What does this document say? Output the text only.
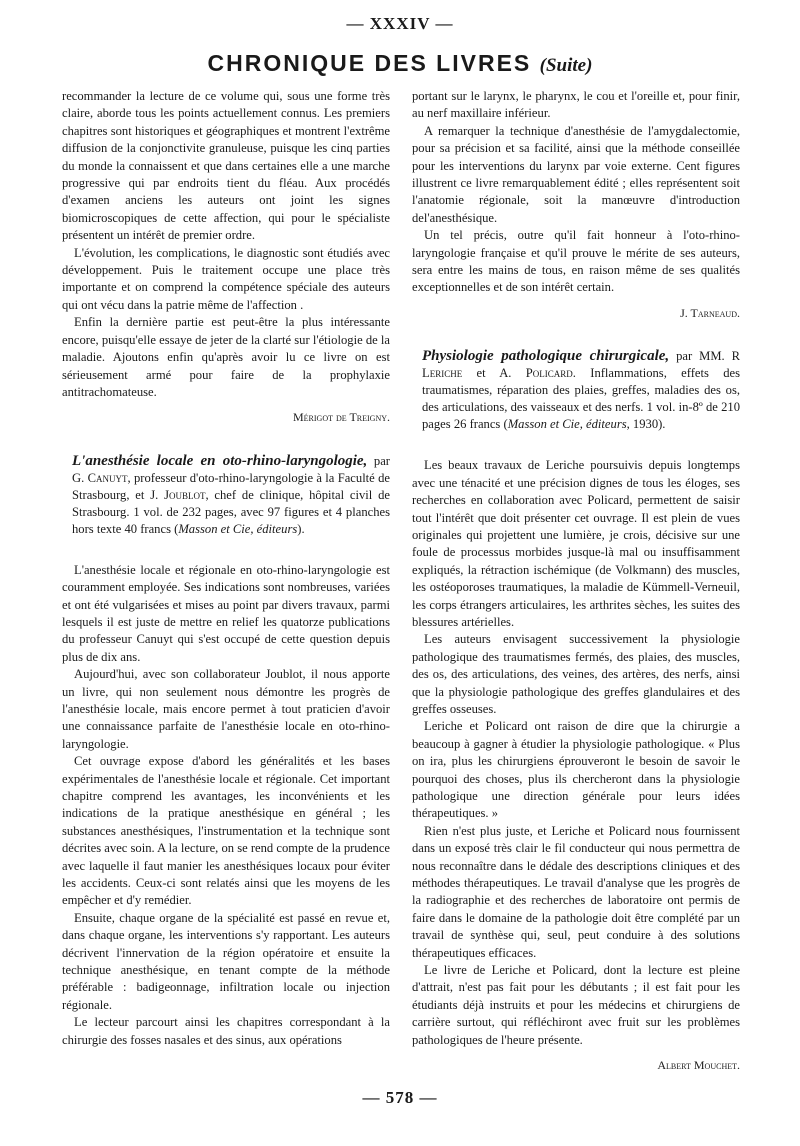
— XXXIV —
CHRONIQUE DES LIVRES (Suite)

recommander la lecture de ce volume qui, sous une forme très claire, aborde tous les points actuellement connus. Les premiers chapitres sont historiques et géographiques et montrent l'extrême diffusion de la conjonctivite granuleuse, puisque les cinq parties du monde la connaissent et que dans certaines elle a une marche progressive qui par endroits tient du fléau. Aux procédés d'examen anciens les auteurs ont joint les signes biomicroscopiques de cette affection, qui pour le spécialiste présentent un intérêt de premier ordre.

L'évolution, les complications, le diagnostic sont étudiés avec développement. Puis le traitement occupe une place très importante et on comprend la compétence spéciale des auteurs qui ont vécu dans la patrie même de l'affection .

Enfin la dernière partie est peut-être la plus intéressante encore, puisqu'elle essaye de jeter de la clarté sur l'étiologie de la maladie. Ajoutons enfin qu'après avoir lu ce livre on est sérieusement armé pour faire de la prophylaxie antitrachomateuse.

Mérigot de Treigny.

L'anesthésie locale en oto-rhino-laryngologie, par G. Canuyt, professeur d'oto-rhino-laryngologie à la Faculté de Strasbourg, et J. Joublot, chef de clinique, hôpital civil de Strasbourg. 1 vol. de 232 pages, avec 97 figures et 4 planches hors texte 40 francs (Masson et Cie, éditeurs).

L'anesthésie locale et régionale en oto-rhino-laryngologie est couramment employée. Ses indications sont nombreuses, variées et ont été vulgarisées et mises au point par divers travaux, parmi lesquels il est juste de mettre en relief les quatorze publications du professeur Canuyt qui s'est occupé de cette question depuis plus de dix ans.

Aujourd'hui, avec son collaborateur Joublot, il nous apporte un livre, qui non seulement nous démontre les progrès de l'anesthésie locale, mais encore permet à tout praticien d'avoir une connaissance parfaite de l'anesthésie locale en oto-rhino-laryngologie.

Cet ouvrage expose d'abord les généralités et les bases expérimentales de l'anesthésie locale et régionale. Cet important chapitre comprend les avantages, les inconvénients et les indications de la pratique anesthésique en général ; les substances anesthésiques, l'instrumentation et la technique sont décrites avec soin. A la lecture, on se rend compte de la prudence avec laquelle il faut manier les anesthésiques locaux pour éviter les accidents. Ceux-ci sont relatés ainsi que les moyens de les empêcher et d'y remédier.

Ensuite, chaque organe de la spécialité est passé en revue et, dans chaque organe, les interventions s'y rapportant. Les auteurs décrivent l'innervation de la région opératoire et ensuite la technique anesthésique, en tenant compte de la méthode préférable : badigeonnage, infiltration locale ou injection régionale.

Le lecteur parcourt ainsi les chapitres correspondant à la chirurgie des fosses nasales et des sinus, aux opérations

portant sur le larynx, le pharynx, le cou et l'oreille et, pour finir, au nerf maxillaire inférieur.

A remarquer la technique d'anesthésie de l'amygdalectomie, pour sa précision et sa facilité, ainsi que la méthode conseillée pour les interventions du larynx par voie externe. Cent figures illustrent ce livre remarquablement édité ; elles représentent soit l'anatomie régionale, soit la manœuvre d'introduction del'anesthésique.

Un tel précis, outre qu'il fait honneur à l'oto-rhino-laryngologie française et qu'il prouve le mérite de ses auteurs, sera entre les mains de tous, en raison même de ses qualités exceptionnelles et de son intérêt certain.

J. Tarneaud.

Physiologie pathologique chirurgicale, par MM. R Leriche et A. Policard. Inflammations, effets des traumatismes, réparation des plaies, greffes, maladies des os, des articulations, des vaisseaux et des nerfs. 1 vol. in-8º de 210 pages 26 francs (Masson et Cie, éditeurs, 1930).

Les beaux travaux de Leriche poursuivis depuis longtemps avec une ténacité et une précision dignes de tous les éloges, ses recherches en collaboration avec Policard, permettent de saisir tout l'intérêt que doit présenter cet ouvrage. Il est plein de vues originales qui projettent une lumière, je crois, décisive sur une foule de processus morbides jusque-là mal ou insuffisamment expliqués, la rétraction ischémique (de Volkmann) des muscles, les ostéoporoses traumatiques, la maladie de Kümmell-Verneuil, les corps étrangers articulaires, les arthrites sèches, les suites des blessures artérielles.

Les auteurs envisagent successivement la physiologie pathologique des traumatismes fermés, des plaies, des muscles, des os, des articulations, des veines, des artères, des nerfs, ainsi que la physiologie pathologique des greffes glandulaires et des greffes osseuses.

Leriche et Policard ont raison de dire que la chirurgie a beaucoup à gagner à étudier la physiologie pathologique. « Plus on ira, plus les chirurgiens éprouveront le besoin de savoir le pourquoi des choses, plus ils chercheront dans la physiologie pathologique une direction générale pour leurs idées thérapeutiques. »

Rien n'est plus juste, et Leriche et Policard nous fournissent dans un exposé très clair le fil conducteur qui nous permettra de nous reconnaître dans le dédale des descriptions cliniques et des méthodes thérapeutiques. Le travail d'analyse que les progrès de la radiographie et des recherches de laboratoire ont permis de faire dans le domaine de la pathologie doit être complété par un travail de synthèse qui, seul, peut conduire à des solutions thérapeutiques efficaces.

Le livre de Leriche et Policard, dont la lecture est pleine d'attrait, n'est pas fait pour les débutants ; il est fait pour les étudiants déjà instruits et pour les médecins et chirurgiens de carrière surtout, qui réfléchiront avec fruit sur les problèmes pathologiques de l'heure présente.

Albert Mouchet.

— 578 —
